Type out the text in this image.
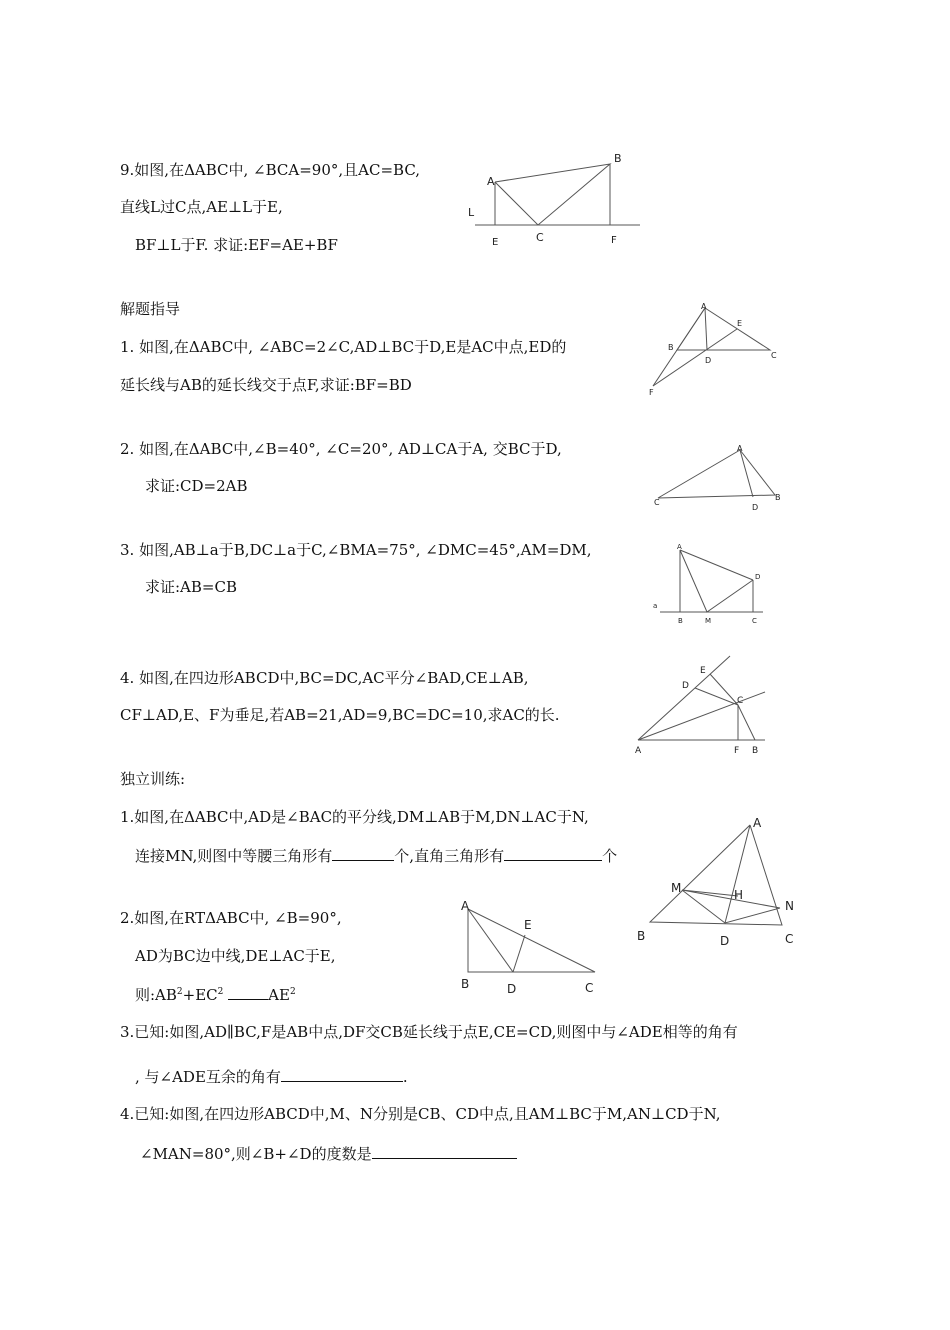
9.如图,在ΔABC中, ∠BCA=90°,且AC=BC,
直线L过C点,AE⊥L于E,
BF⊥L于F. 求证:EF=AE+BF
A
B
C
E	F
L
解题指导
1. 如图,在ΔABC中, ∠ABC=2∠C,AD⊥BC于D,E是AC中点,ED的
延长线与AB的延长线交于点F,求证:BF=BD
A
B
C
D
E
F
2. 如图,在ΔABC中,∠B=40°, ∠C=20°, AD⊥CA于A, 交BC于D,
求证:CD=2AB
A
B
C
D
3. 如图,AB⊥a于B,DC⊥a于C,∠BMA=75°, ∠DMC=45°,AM=DM,
求证:AB=CB
A
D
B	M	C
a
4. 如图,在四边形ABCD中,BC=DC,AC平分∠BAD,CE⊥AB,
CF⊥AD,E、F为垂足,若AB=21,AD=9,BC=DC=10,求AC的长.
A	B
F
C
D
E
独立训练:
1.如图,在ΔABC中,AD是∠BAC的平分线,DM⊥AB于M,DN⊥AC于N,
连接MN,则图中等腰三角形有	个,直角三角形有	个
A
B	C
D
M
N
H
2.如图,在RTΔABC中, ∠B=90°,
AD为BC边中线,DE⊥AC于E,
则$:AB^2+EC^2$	$AE^2$
A
B	D	C
E
3.已知:如图,AD∥BC,F是AB中点,DF交CB延长线于点E,CE=CD,则图中与∠ADE相等的角有
, 与∠ADE互余的角有	.
4.已知:如图,在四边形ABCD中,M、N分别是CB、CD中点,且AM⊥BC于M,AN⊥CD于N,
∠MAN=80°,则∠B+∠D的度数是
